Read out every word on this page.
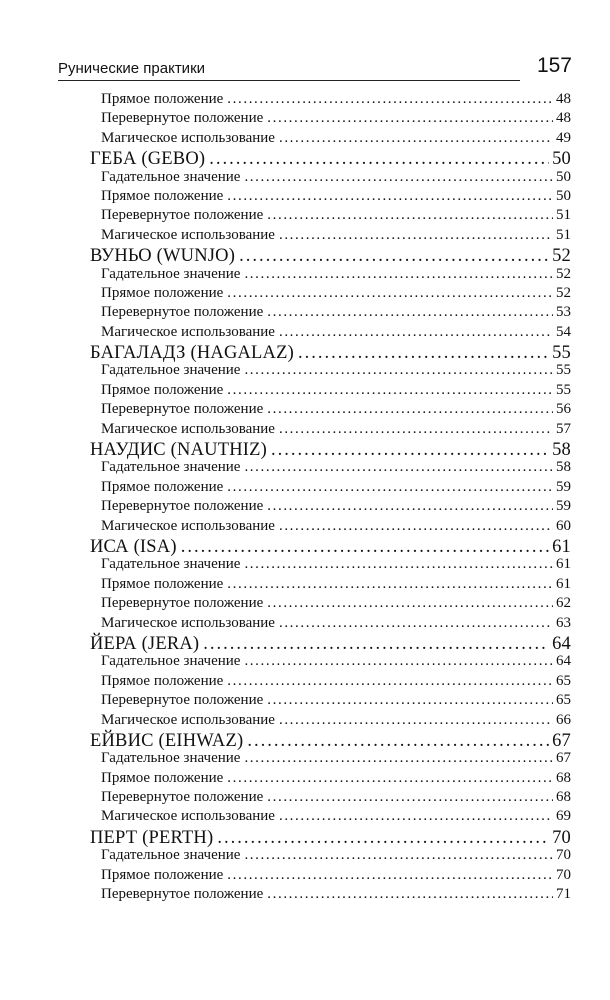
Рунические практики	157
Прямое положение .....	48
Перевернутое положение .....	48
Магическое использование .....	49
ГЕБА (GEBO) .....	50
Гадательное значение .....	50
Прямое положение .....	50
Перевернутое положение .....	51
Магическое использование .....	51
ВУНЬО (WUNJO) .....	52
Гадательное значение .....	52
Прямое положение .....	52
Перевернутое положение .....	53
Магическое использование .....	54
БАГАЛАДЗ (HAGALAZ) .....	55
Гадательное значение .....	55
Прямое положение .....	55
Перевернутое положение .....	56
Магическое использование .....	57
НАУДИС (NAUTHIZ) .....	58
Гадательное значение .....	58
Прямое положение .....	59
Перевернутое положение .....	59
Магическое использование .....	60
ИСА (ISA) .....	61
Гадательное значение .....	61
Прямое положение .....	61
Перевернутое положение .....	62
Магическое использование .....	63
ЙЕРА (JERA) .....	64
Гадательное значение .....	64
Прямое положение .....	65
Перевернутое положение .....	65
Магическое использование .....	66
ЕЙВИС (EIHWAZ) .....	67
Гадательное значение .....	67
Прямое положение .....	68
Перевернутое положение .....	68
Магическое использование .....	69
ПЕРТ (PERTH) .....	70
Гадательное значение .....	70
Прямое положение .....	70
Перевернутое положение .....	71
